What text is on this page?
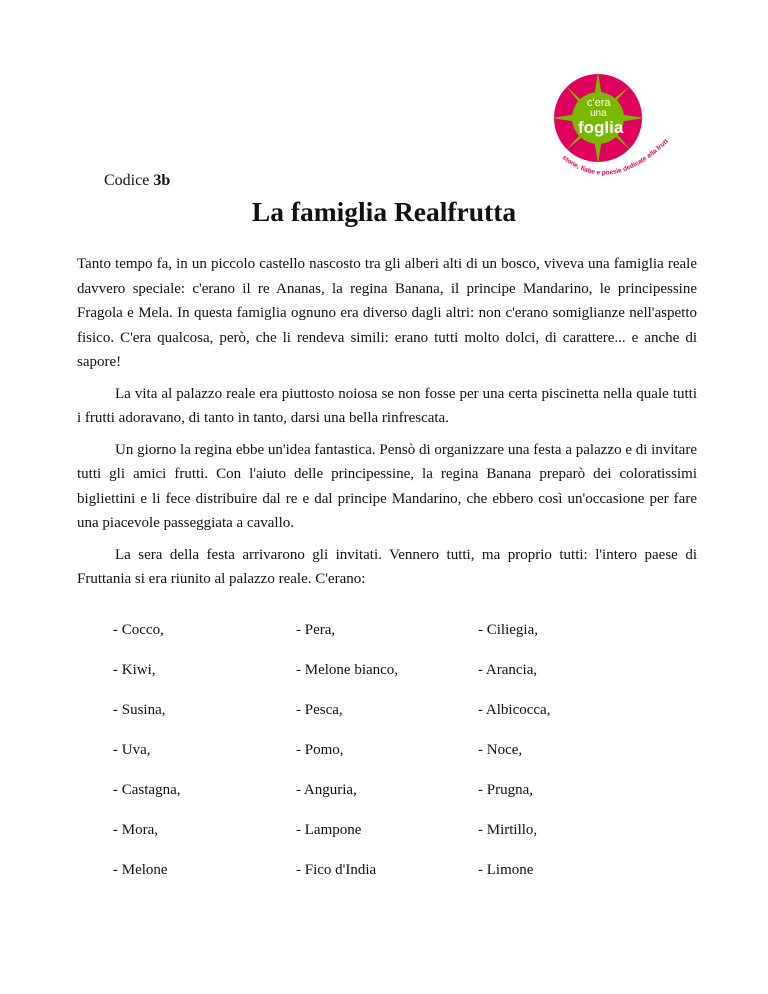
c'era
una
foglia
storie, fiabe e poesie dedicate alla frutt
Codice 3b
La famiglia Realfrutta

Tanto tempo fa, in un piccolo castello nascosto tra gli alberi alti di un bosco, viveva una famiglia reale davvero speciale: c'erano il re Ananas, la regina Banana, il principe Mandarino, le principessine Fragola e Mela. In questa famiglia ognuno era diverso dagli altri: non c'erano somiglianze nell'aspetto fisico. C'era qualcosa, però, che li rendeva simili: erano tutti molto dolci, di carattere... e anche di sapore!

La vita al palazzo reale era piuttosto noiosa se non fosse per una certa piscinetta nella quale tutti i frutti adoravano, di tanto in tanto, darsi una bella rinfrescata.

Un giorno la regina ebbe un'idea fantastica. Pensò di organizzare una festa a palazzo e di invitare tutti gli amici frutti. Con l'aiuto delle principessine, la regina Banana preparò dei coloratissimi bigliettini e li fece distribuire dal re e dal principe Mandarino, che ebbero così un'occasione per fare una piacevole passeggiata a cavallo.

La sera della festa arrivarono gli invitati. Vennero tutti, ma proprio tutti: l'intero paese di Fruttania si era riunito al palazzo reale. C'erano:

- Cocco,	- Pera,	- Ciliegia,
- Kiwi,	- Melone bianco,	- Arancia,
- Susina,	- Pesca,	- Albicocca,
- Uva,	- Pomo,	- Noce,
- Castagna,	- Anguria,	- Prugna,
- Mora,	- Lampone	- Mirtillo,
- Melone	- Fico d'India	- Limone
